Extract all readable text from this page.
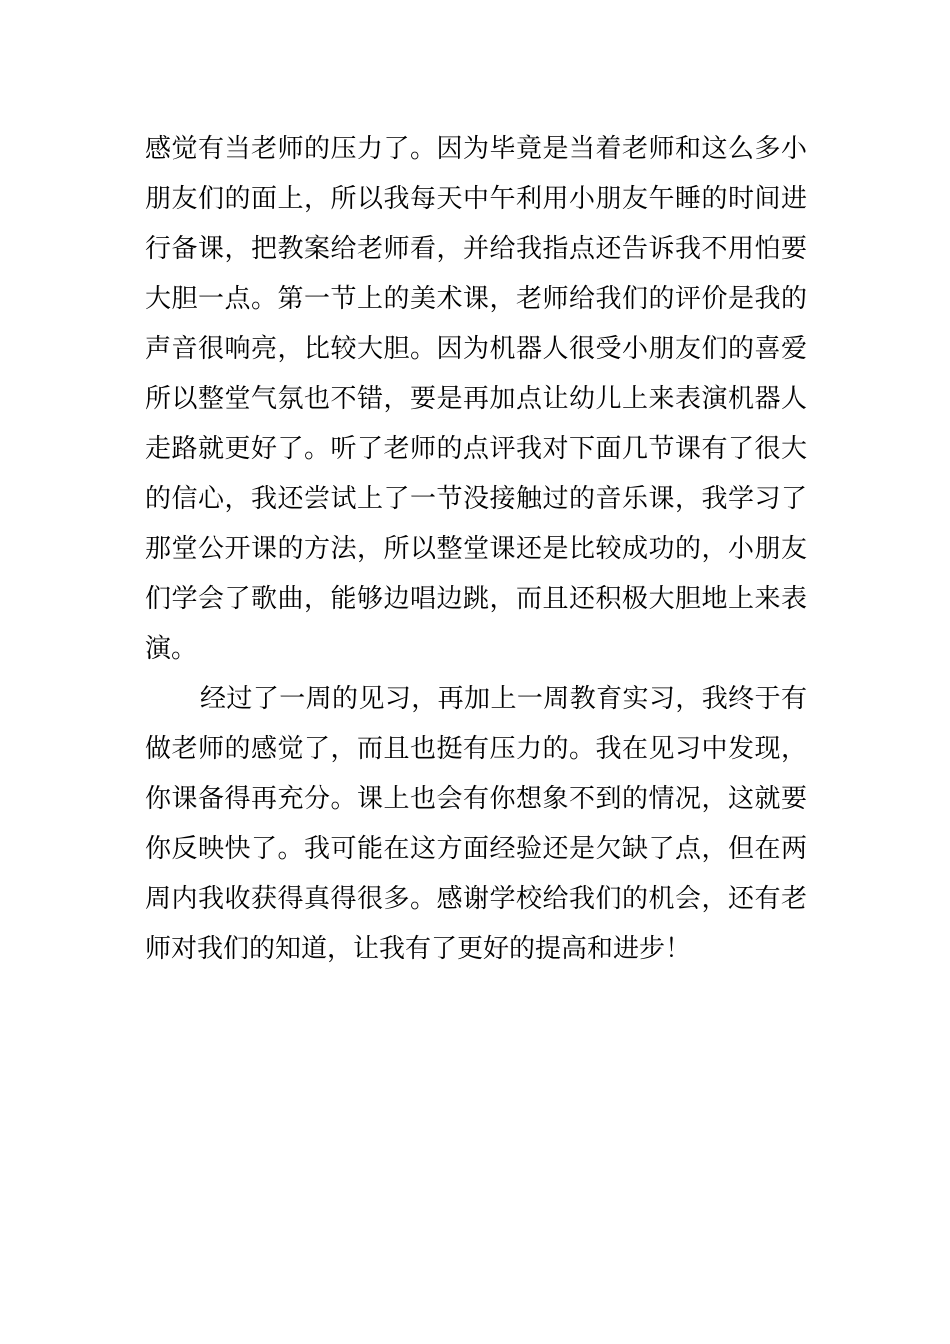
感觉有当老师的压力了。因为毕竟是当着老师和这么多小朋友们的面上，所以我每天中午利用小朋友午睡的时间进行备课，把教案给老师看，并给我指点还告诉我不用怕要大胆一点。第一节上的美术课，老师给我们的评价是我的声音很响亮，比较大胆。因为机器人很受小朋友们的喜爱所以整堂气氛也不错，要是再加点让幼儿上来表演机器人走路就更好了。听了老师的点评我对下面几节课有了很大的信心，我还尝试上了一节没接触过的音乐课，我学习了那堂公开课的方法，所以整堂课还是比较成功的，小朋友们学会了歌曲，能够边唱边跳，而且还积极大胆地上来表演。

经过了一周的见习，再加上一周教育实习，我终于有做老师的感觉了，而且也挺有压力的。我在见习中发现，你课备得再充分。课上也会有你想象不到的情况，这就要你反映快了。我可能在这方面经验还是欠缺了点，但在两周内我收获得真得很多。感谢学校给我们的机会，还有老师对我们的知道，让我有了更好的提高和进步！
